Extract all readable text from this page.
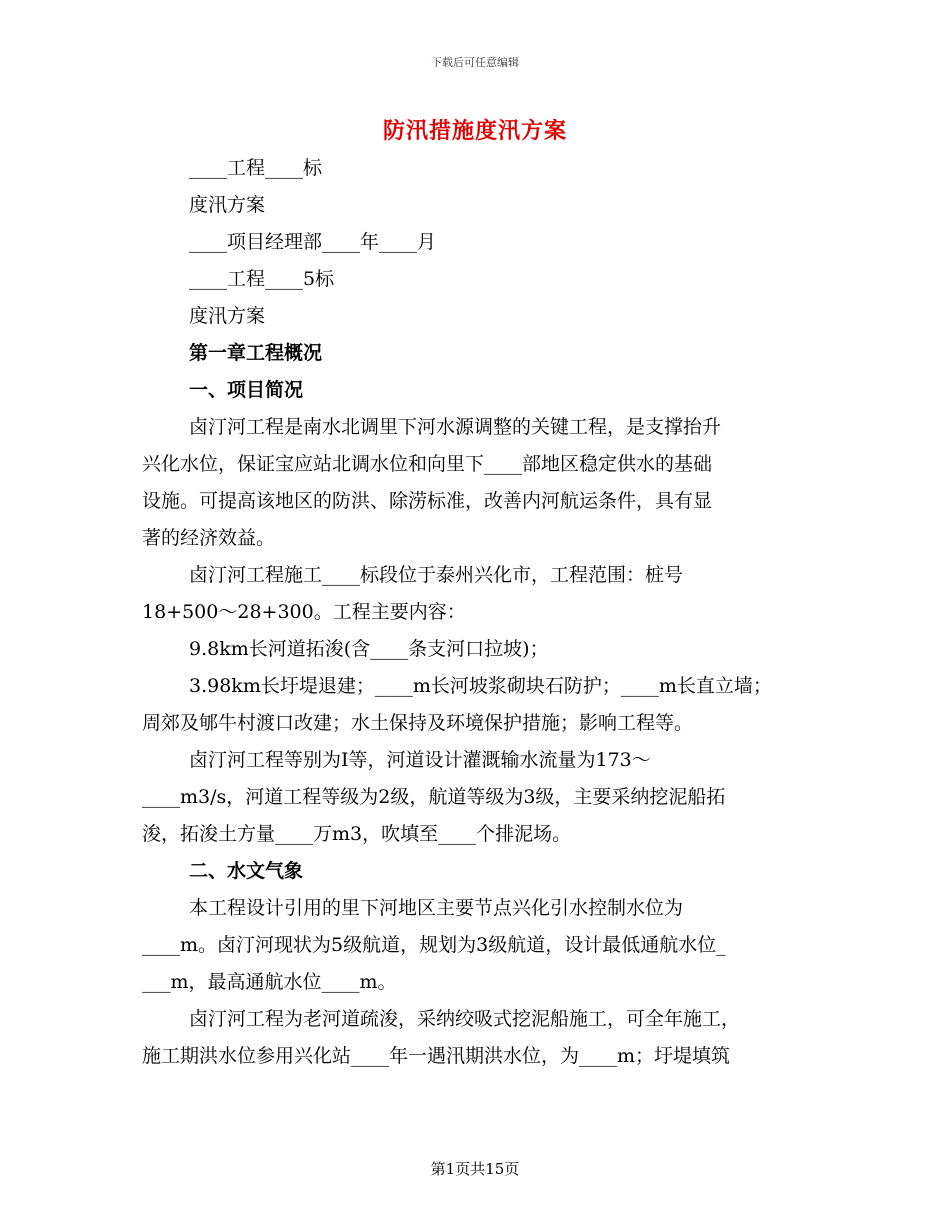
下载后可任意编辑
防汛措施度汛方案
____工程____标
度汛方案
____项目经理部____年____月
____工程____5标
度汛方案
第一章工程概况
一、项目简况
卤汀河工程是南水北调里下河水源调整的关键工程，是支撑抬升
兴化水位，保证宝应站北调水位和向里下____部地区稳定供水的基础
设施。可提高该地区的防洪、除涝标准，改善内河航运条件，具有显
著的经济效益。
卤汀河工程施工____标段位于泰州兴化市，工程范围：桩号
18+500～28+300。工程主要内容：
9.8km长河道拓浚(含____条支河口拉坡)；
3.98km长圩堤退建；____m长河坡浆砌块石防护；____m长直立墙；
周郊及郇牛村渡口改建；水土保持及环境保护措施；影响工程等。
卤汀河工程等别为Ⅰ等，河道设计灌溉输水流量为173～
____m3/s，河道工程等级为2级，航道等级为3级，主要采纳挖泥船拓
浚，拓浚土方量____万m3，吹填至____个排泥场。
二、水文气象
本工程设计引用的里下河地区主要节点兴化引水控制水位为
____m。卤汀河现状为5级航道，规划为3级航道，设计最低通航水位_
___m，最高通航水位____m。
卤汀河工程为老河道疏浚，采纳绞吸式挖泥船施工，可全年施工，
施工期洪水位参用兴化站____年一遇汛期洪水位，为____m；圩堤填筑
第1页共15页
